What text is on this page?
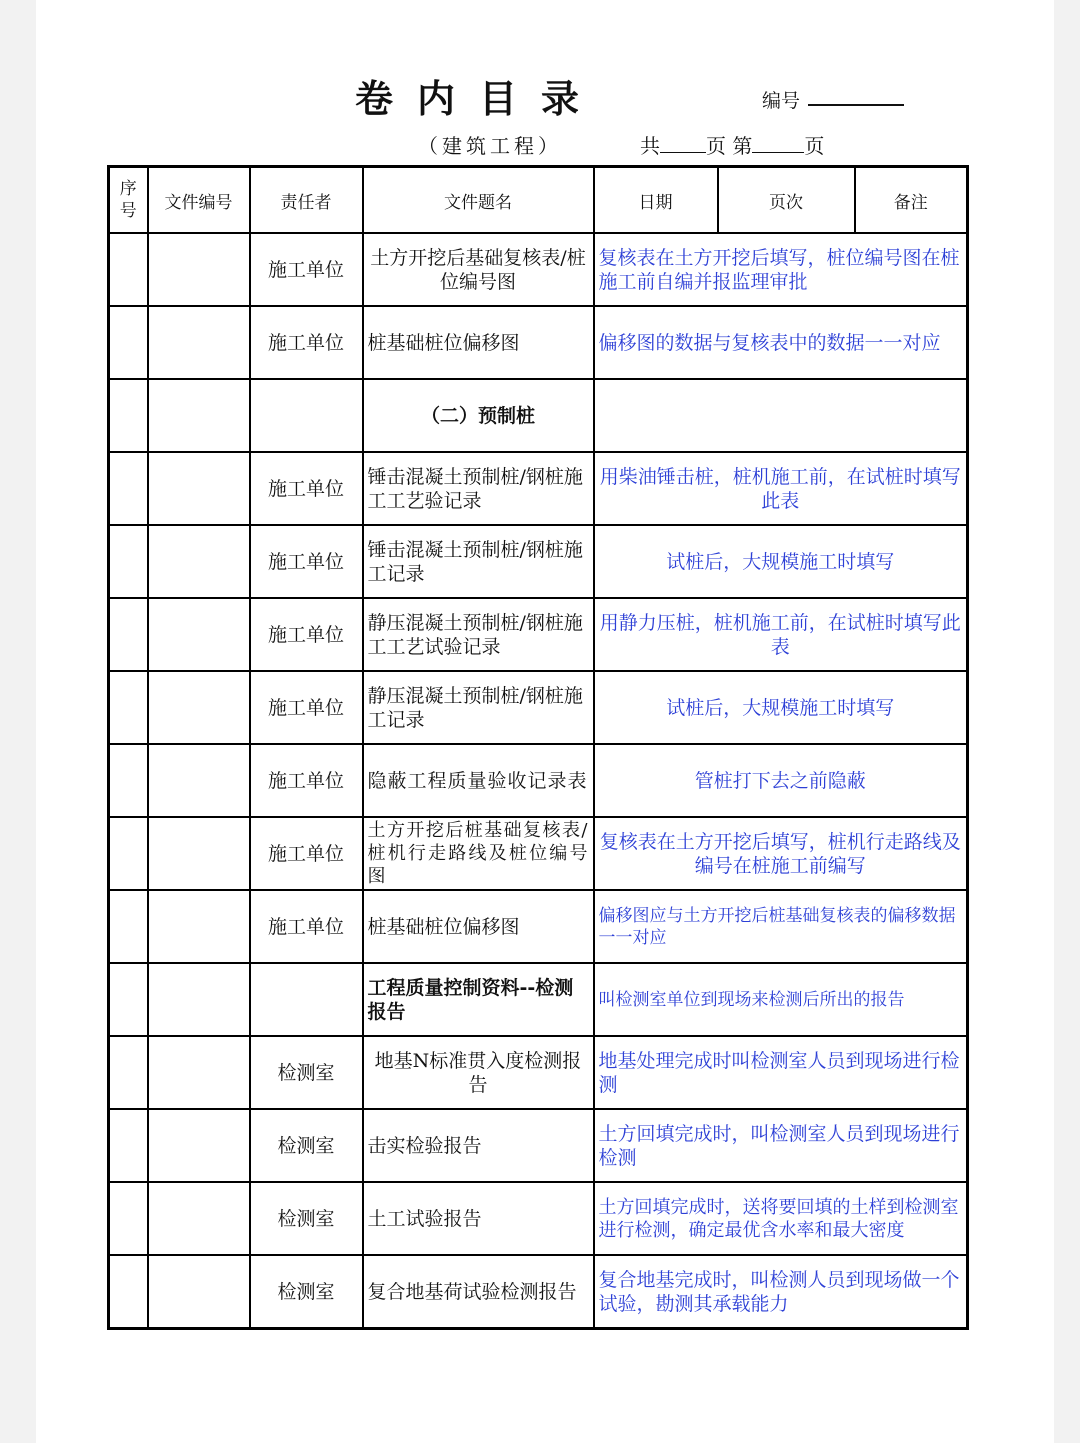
卷内目录	编号
（建筑工程）	共 页 第	页
序号	文件编号	责任者	文件题名	日期	页次	备注
		施工单位	土方开挖后基础复核表/桩位编号图	复核表在土方开挖后填写，桩位编号图在桩施工前自编并报监理审批		
		施工单位	桩基础桩位偏移图	偏移图的数据与复核表中的数据一一对应		
			（二）预制桩			
		施工单位	锤击混凝土预制桩/钢桩施工工艺验记录	用柴油锤击桩，桩机施工前，在试桩时填写此表		
		施工单位	锤击混凝土预制桩/钢桩施工记录	试桩后，大规模施工时填写		
		施工单位	静压混凝土预制桩/钢桩施工工艺试验记录	用静力压桩，桩机施工前，在试桩时填写此表		
		施工单位	静压混凝土预制桩/钢桩施工记录	试桩后，大规模施工时填写		
		施工单位	隐蔽工程质量验收记录表	管桩打下去之前隐蔽		
		施工单位	土方开挖后桩基础复核表/桩机行走路线及桩位编号图	复核表在土方开挖后填写，桩机行走路线及编号在桩施工前编写		
		施工单位	桩基础桩位偏移图	偏移图应与土方开挖后桩基础复核表的偏移数据一一对应		
			工程质量控制资料--检测报告	叫检测室单位到现场来检测后所出的报告		
		检测室	地基N标准贯入度检测报告	地基处理完成时叫检测室人员到现场进行检测		
		检测室	击实检验报告	土方回填完成时，叫检测室人员到现场进行检测		
		检测室	土工试验报告	土方回填完成时，送将要回填的土样到检测室进行检测，确定最优含水率和最大密度		
		检测室	复合地基荷试验检测报告	复合地基完成时，叫检测人员到现场做一个试验，勘测其承载能力		
